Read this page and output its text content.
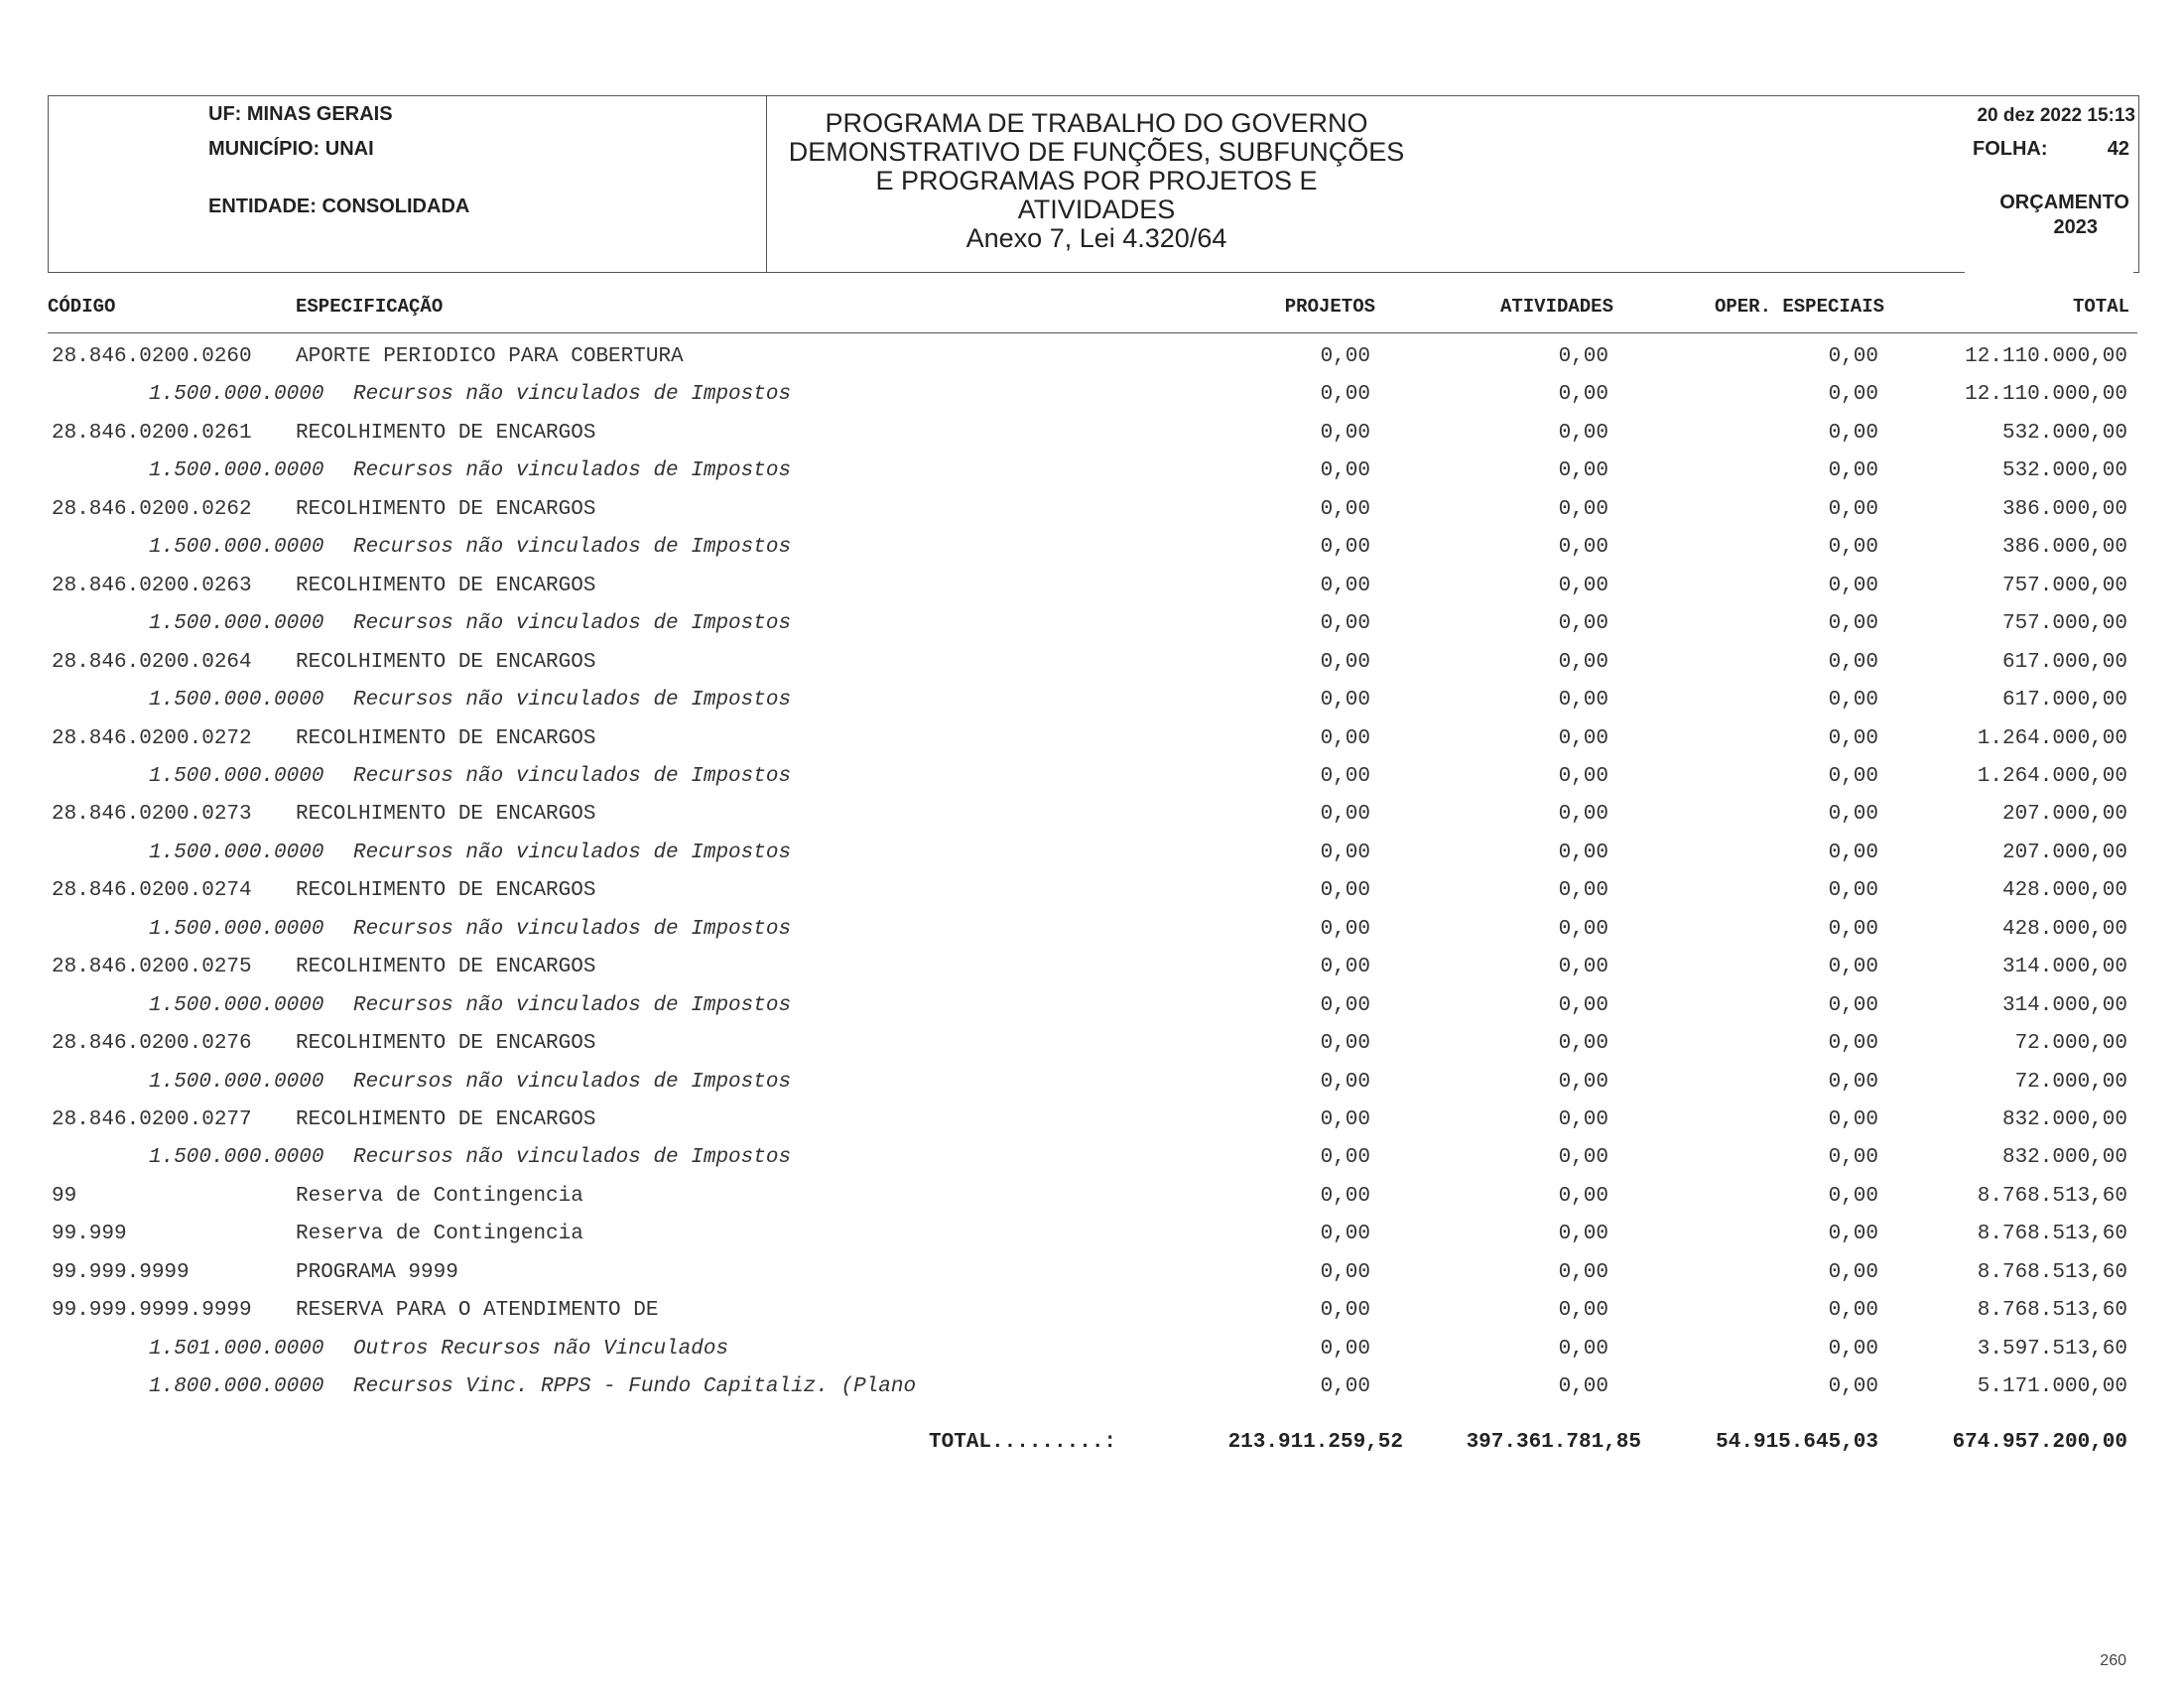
UF: MINAS GERAIS
MUNICÍPIO: UNAI
ENTIDADE: CONSOLIDADA
PROGRAMA DE TRABALHO DO GOVERNO
DEMONSTRATIVO DE FUNÇÕES, SUBFUNÇÕES
E PROGRAMAS POR PROJETOS E
ATIVIDADES
Anexo 7, Lei 4.320/64
20 dez 2022 15:13
FOLHA:	42
ORÇAMENTO
2023
CÓDIGO	ESPECIFICAÇÃO	PROJETOS	ATIVIDADES	OPER. ESPECIAIS	TOTAL
28.846.0200.0260 APORTE PERIODICO PARA COBERTURA	0,00	0,00	0,00	12.110.000,00
1.500.000.0000 Recursos não vinculados de Impostos	0,00	0,00	0,00	12.110.000,00
28.846.0200.0261 RECOLHIMENTO DE ENCARGOS	0,00	0,00	0,00	532.000,00
1.500.000.0000 Recursos não vinculados de Impostos	0,00	0,00	0,00	532.000,00
28.846.0200.0262 RECOLHIMENTO DE ENCARGOS	0,00	0,00	0,00	386.000,00
1.500.000.0000 Recursos não vinculados de Impostos	0,00	0,00	0,00	386.000,00
28.846.0200.0263 RECOLHIMENTO DE ENCARGOS	0,00	0,00	0,00	757.000,00
1.500.000.0000 Recursos não vinculados de Impostos	0,00	0,00	0,00	757.000,00
28.846.0200.0264 RECOLHIMENTO DE ENCARGOS	0,00	0,00	0,00	617.000,00
1.500.000.0000 Recursos não vinculados de Impostos	0,00	0,00	0,00	617.000,00
28.846.0200.0272 RECOLHIMENTO DE ENCARGOS	0,00	0,00	0,00	1.264.000,00
1.500.000.0000 Recursos não vinculados de Impostos	0,00	0,00	0,00	1.264.000,00
28.846.0200.0273 RECOLHIMENTO DE ENCARGOS	0,00	0,00	0,00	207.000,00
1.500.000.0000 Recursos não vinculados de Impostos	0,00	0,00	0,00	207.000,00
28.846.0200.0274 RECOLHIMENTO DE ENCARGOS	0,00	0,00	0,00	428.000,00
1.500.000.0000 Recursos não vinculados de Impostos	0,00	0,00	0,00	428.000,00
28.846.0200.0275 RECOLHIMENTO DE ENCARGOS	0,00	0,00	0,00	314.000,00
1.500.000.0000 Recursos não vinculados de Impostos	0,00	0,00	0,00	314.000,00
28.846.0200.0276 RECOLHIMENTO DE ENCARGOS	0,00	0,00	0,00	72.000,00
1.500.000.0000 Recursos não vinculados de Impostos	0,00	0,00	0,00	72.000,00
28.846.0200.0277 RECOLHIMENTO DE ENCARGOS	0,00	0,00	0,00	832.000,00
1.500.000.0000 Recursos não vinculados de Impostos	0,00	0,00	0,00	832.000,00
99	Reserva de Contingencia	0,00	0,00	0,00	8.768.513,60
99.999	Reserva de Contingencia	0,00	0,00	0,00	8.768.513,60
99.999.9999	PROGRAMA 9999	0,00	0,00	0,00	8.768.513,60
99.999.9999.9999 RESERVA PARA O ATENDIMENTO DE	0,00	0,00	0,00	8.768.513,60
1.501.000.0000 Outros Recursos não Vinculados	0,00	0,00	0,00	3.597.513,60
1.800.000.0000 Recursos Vinc. RPPS - Fundo Capitaliz. (Plano	0,00	0,00	0,00	5.171.000,00
TOTAL.........:	213.911.259,52	397.361.781,85	54.915.645,03	674.957.200,00
260
